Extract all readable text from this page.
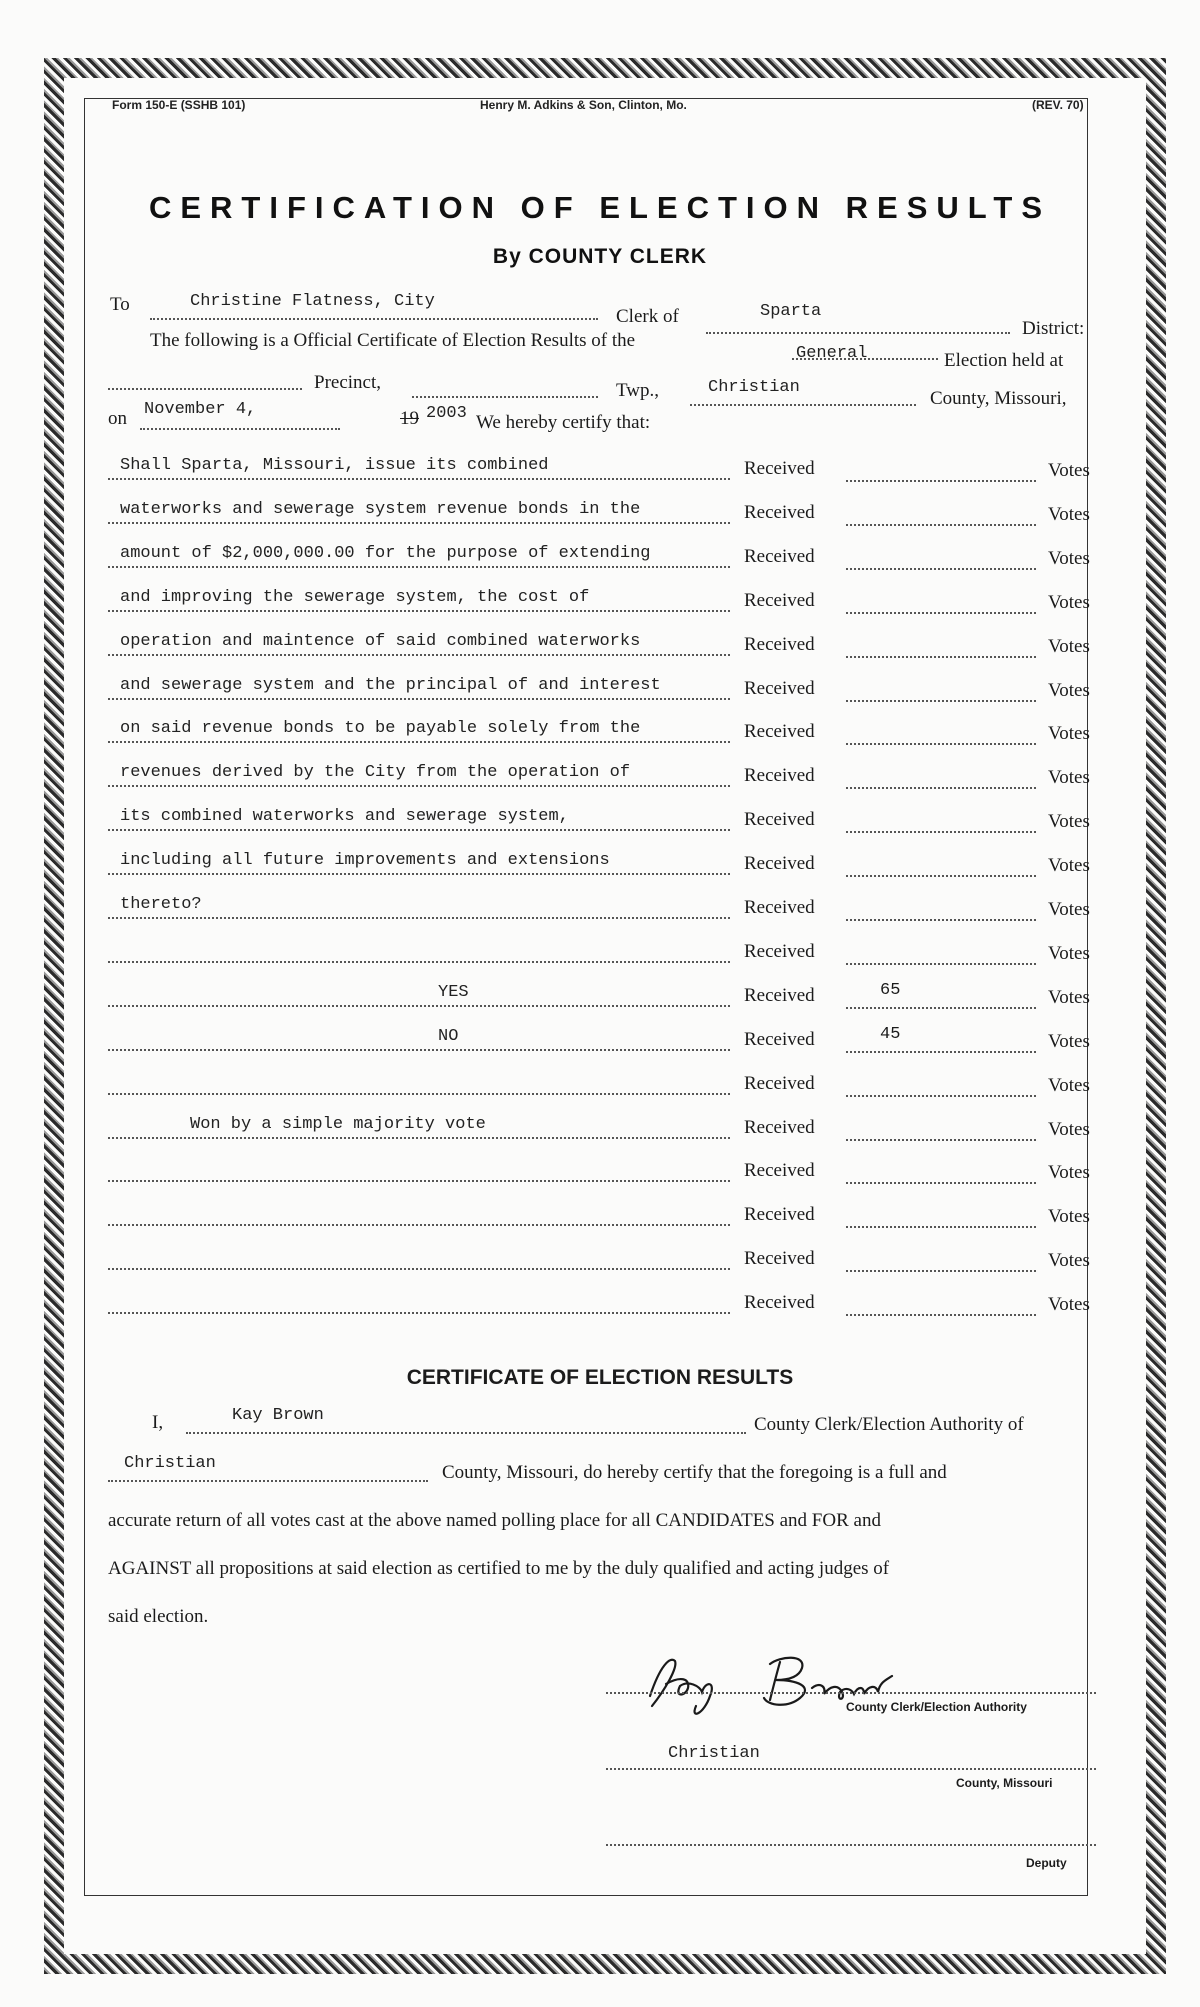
Form 150-E (SSHB 101)	Henry M. Adkins & Son, Clinton, Mo.	(REV. 70)
CERTIFICATION OF ELECTION RESULTS
By COUNTY CLERK
To	Christine Flatness, City
Clerk of	Sparta
District:
The following is a Official Certificate of Election Results of the
General	Election held at
Precinct,	Twp.,	Christian
County, Missouri,
on November 4,	19 2003 We hereby certify that:
Shall Sparta, Missouri, issue its combined	Received	Votes
waterworks and sewerage system revenue bonds in the	Received	Votes
amount of $2,000,000.00 for the purpose of extending	Received	Votes
and improving the sewerage system, the cost of	Received	Votes
operation and maintence of said combined waterworks	Received	Votes
and sewerage system and the principal of and interest	Received	Votes
on said revenue bonds to be payable solely from the	Received	Votes
revenues derived by the City from the operation of	Received	Votes
its combined waterworks and sewerage system,	Received	Votes
including all future improvements and extensions	Received	Votes
thereto?	Received	Votes
Received	Votes
YES	Received	65	Votes
NO	Received	45	Votes
Received	Votes
Won by a simple majority vote	Received	Votes
Received	Votes
Received	Votes
Received	Votes
Received	Votes
CERTIFICATE OF ELECTION RESULTS
I,	Kay Brown	County Clerk/Election Authority of
Christian	County, Missouri, do hereby certify that the foregoing is a full and
accurate return of all votes cast at the above named polling place for all CANDIDATES and FOR and
AGAINST all propositions at said election as certified to me by the duly qualified and acting judges of
said election.
County Clerk/Election Authority
Christian
County, Missouri
Deputy
